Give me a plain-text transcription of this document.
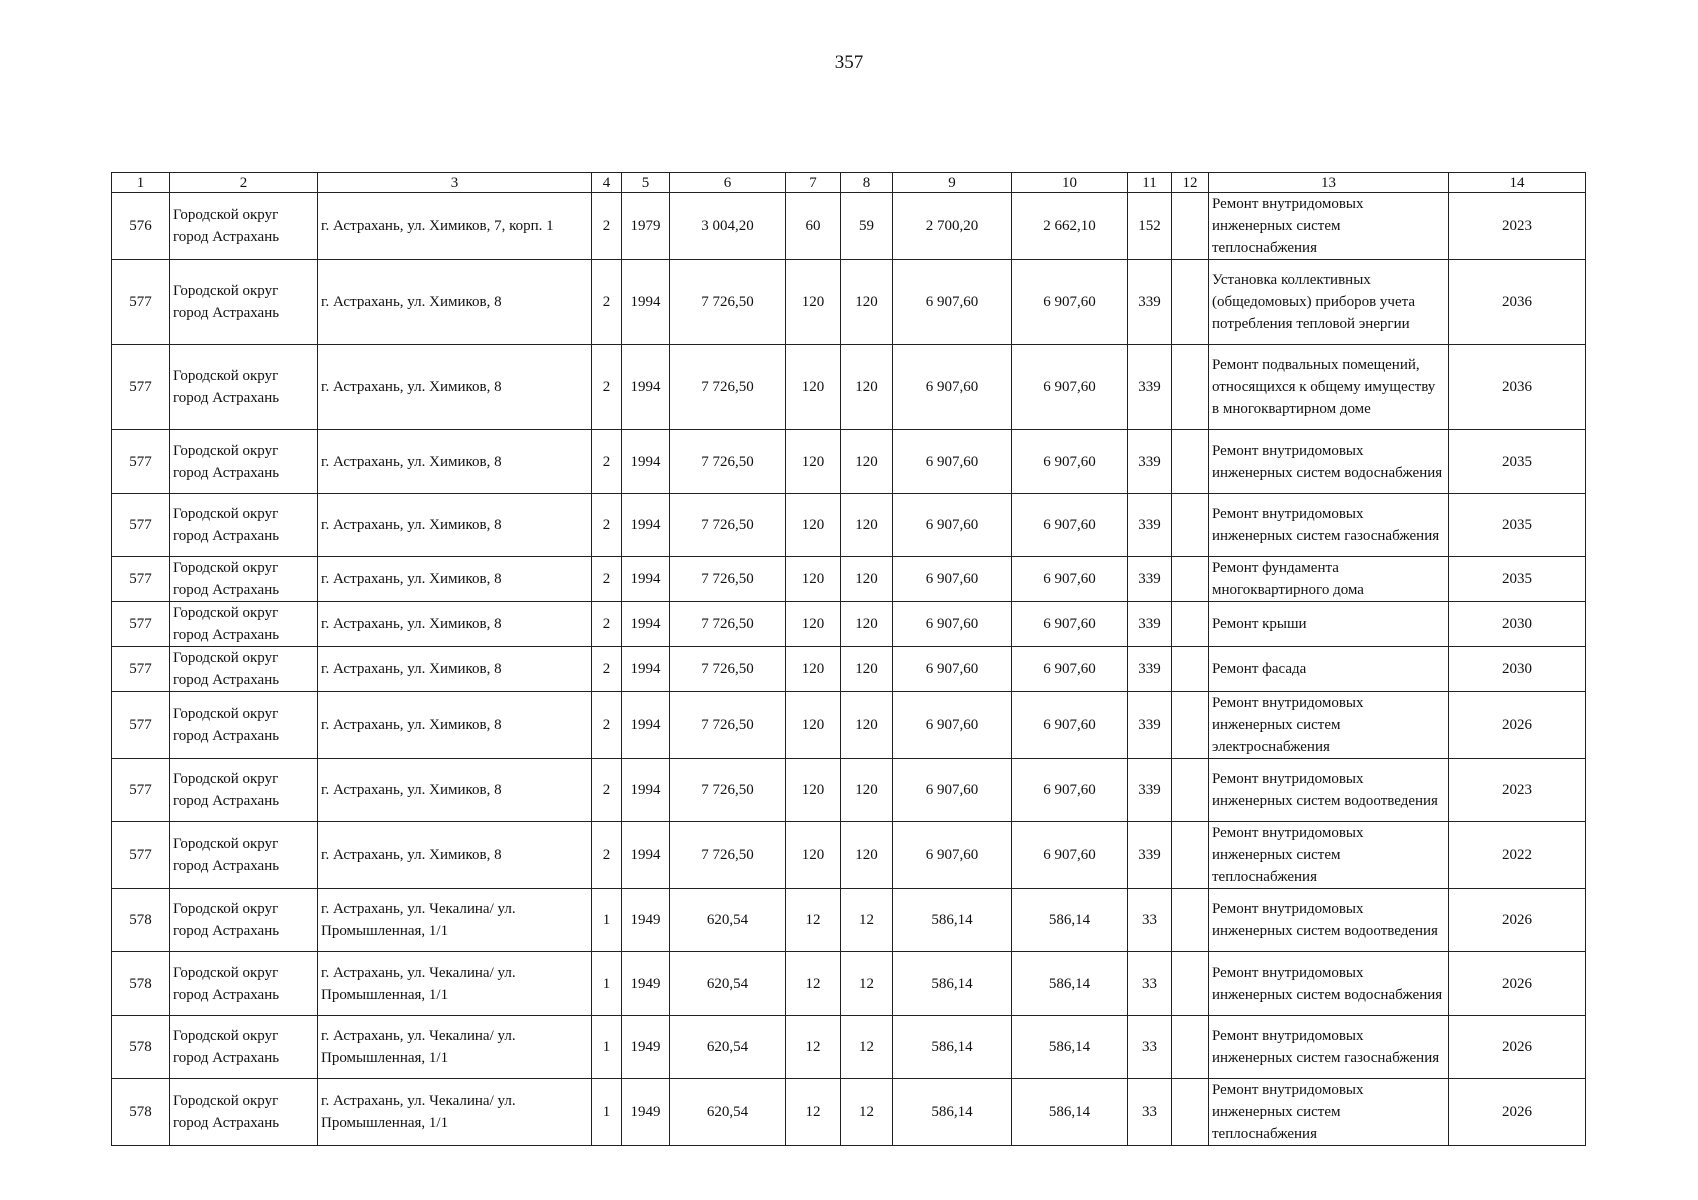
357
1	2	3	4	5	6	7	8	9	10	11	12	13	14
576	Городской округ город Астрахань	г. Астрахань, ул. Химиков, 7, корп. 1	2	1979	3 004,20	60	59	2 700,20	2 662,10	152		Ремонт внутридомовых инженерных систем теплоснабжения	2023
577	Городской округ город Астрахань	г. Астрахань, ул. Химиков, 8	2	1994	7 726,50	120	120	6 907,60	6 907,60	339		Установка коллективных (общедомовых) приборов учета потребления тепловой энергии	2036
577	Городской округ город Астрахань	г. Астрахань, ул. Химиков, 8	2	1994	7 726,50	120	120	6 907,60	6 907,60	339		Ремонт подвальных помещений, относящихся к общему имуществу в многоквартирном доме	2036
577	Городской округ город Астрахань	г. Астрахань, ул. Химиков, 8	2	1994	7 726,50	120	120	6 907,60	6 907,60	339		Ремонт внутридомовых инженерных систем водоснабжения	2035
577	Городской округ город Астрахань	г. Астрахань, ул. Химиков, 8	2	1994	7 726,50	120	120	6 907,60	6 907,60	339		Ремонт внутридомовых инженерных систем газоснабжения	2035
577	Городской округ город Астрахань	г. Астрахань, ул. Химиков, 8	2	1994	7 726,50	120	120	6 907,60	6 907,60	339		Ремонт фундамента многоквартирного дома	2035
577	Городской округ город Астрахань	г. Астрахань, ул. Химиков, 8	2	1994	7 726,50	120	120	6 907,60	6 907,60	339		Ремонт крыши	2030
577	Городской округ город Астрахань	г. Астрахань, ул. Химиков, 8	2	1994	7 726,50	120	120	6 907,60	6 907,60	339		Ремонт фасада	2030
577	Городской округ город Астрахань	г. Астрахань, ул. Химиков, 8	2	1994	7 726,50	120	120	6 907,60	6 907,60	339		Ремонт внутридомовых инженерных систем электроснабжения	2026
577	Городской округ город Астрахань	г. Астрахань, ул. Химиков, 8	2	1994	7 726,50	120	120	6 907,60	6 907,60	339		Ремонт внутридомовых инженерных систем водоотведения	2023
577	Городской округ город Астрахань	г. Астрахань, ул. Химиков, 8	2	1994	7 726,50	120	120	6 907,60	6 907,60	339		Ремонт внутридомовых инженерных систем теплоснабжения	2022
578	Городской округ город Астрахань	г. Астрахань, ул. Чекалина/ ул. Промышленная, 1/1	1	1949	620,54	12	12	586,14	586,14	33		Ремонт внутридомовых инженерных систем водоотведения	2026
578	Городской округ город Астрахань	г. Астрахань, ул. Чекалина/ ул. Промышленная, 1/1	1	1949	620,54	12	12	586,14	586,14	33		Ремонт внутридомовых инженерных систем водоснабжения	2026
578	Городской округ город Астрахань	г. Астрахань, ул. Чекалина/ ул. Промышленная, 1/1	1	1949	620,54	12	12	586,14	586,14	33		Ремонт внутридомовых инженерных систем газоснабжения	2026
578	Городской округ город Астрахань	г. Астрахань, ул. Чекалина/ ул. Промышленная, 1/1	1	1949	620,54	12	12	586,14	586,14	33		Ремонт внутридомовых инженерных систем теплоснабжения	2026
